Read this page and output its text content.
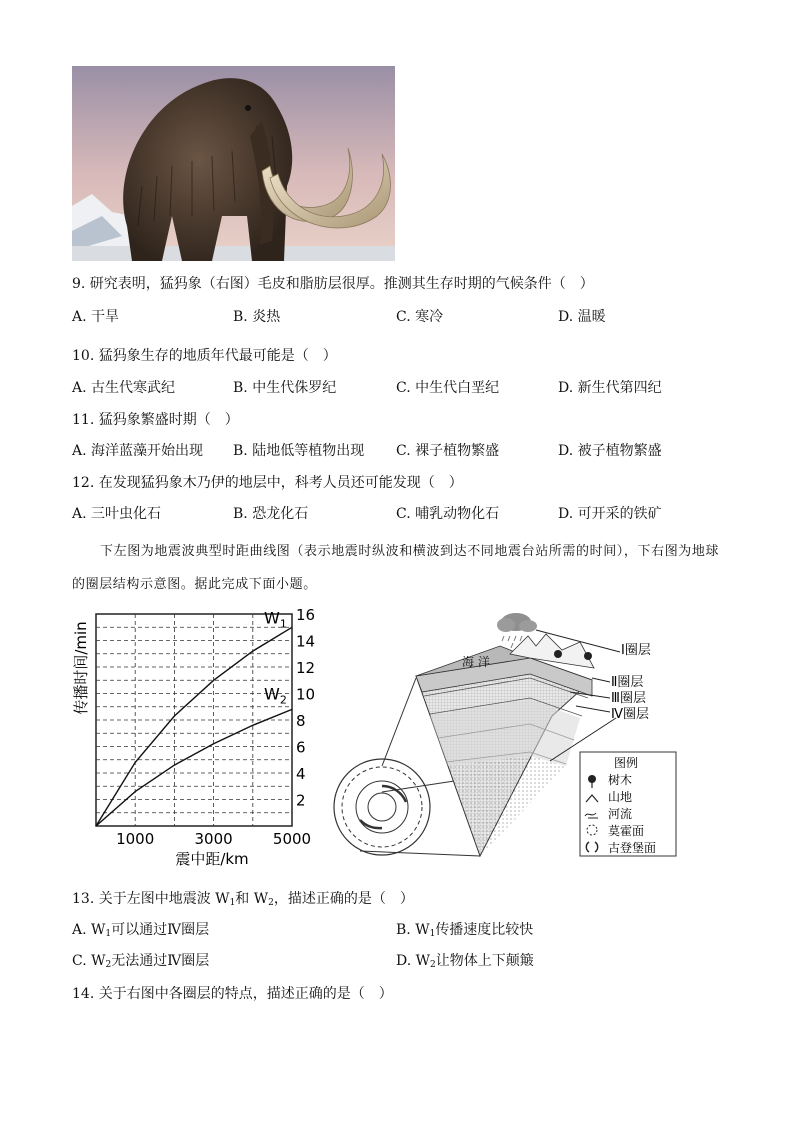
9. 研究表明，猛犸象（右图）毛皮和脂肪层很厚。推测其生存时期的气候条件（　）
A. 干旱	B. 炎热	C. 寒冷	D. 温暖
10. 猛犸象生存的地质年代最可能是（　）
A. 古生代寒武纪	B. 中生代侏罗纪	C. 中生代白垩纪	D. 新生代第四纪
11. 猛犸象繁盛时期（　）
A. 海洋蓝藻开始出现 B. 陆地低等植物出现 C. 裸子植物繁盛	D. 被子植物繁盛
12. 在发现猛犸象木乃伊的地层中，科考人员还可能发现（　）
A. 三叶虫化石	B. 恐龙化石	C. 哺乳动物化石	D. 可开采的铁矿
下左图为地震波典型时距曲线图（表示地震时纵波和横波到达不同地震台站所需的时间），下右图为地球的圈层结构示意图。据此完成下面小题。
2
4
6
8
10
12
14
16
1000	3000	5000
$W_1$
$W_2$
震中距/km
传播时间/min	海 洋
Ⅰ圈层
Ⅱ圈层
Ⅲ圈层
Ⅳ圈层
图例
树木
山地
河流
莫霍面
古登堡面
13. 关于左图中地震波 $W_1$和 $W_2$，描述正确的是（　）
A. $W_1$可以通过Ⅳ圈层	B. $W_1$传播速度比较快
C. $W_2$无法通过Ⅳ圈层	D. $W_2$让物体上下颠簸
14. 关于右图中各圈层的特点，描述正确的是（　）
